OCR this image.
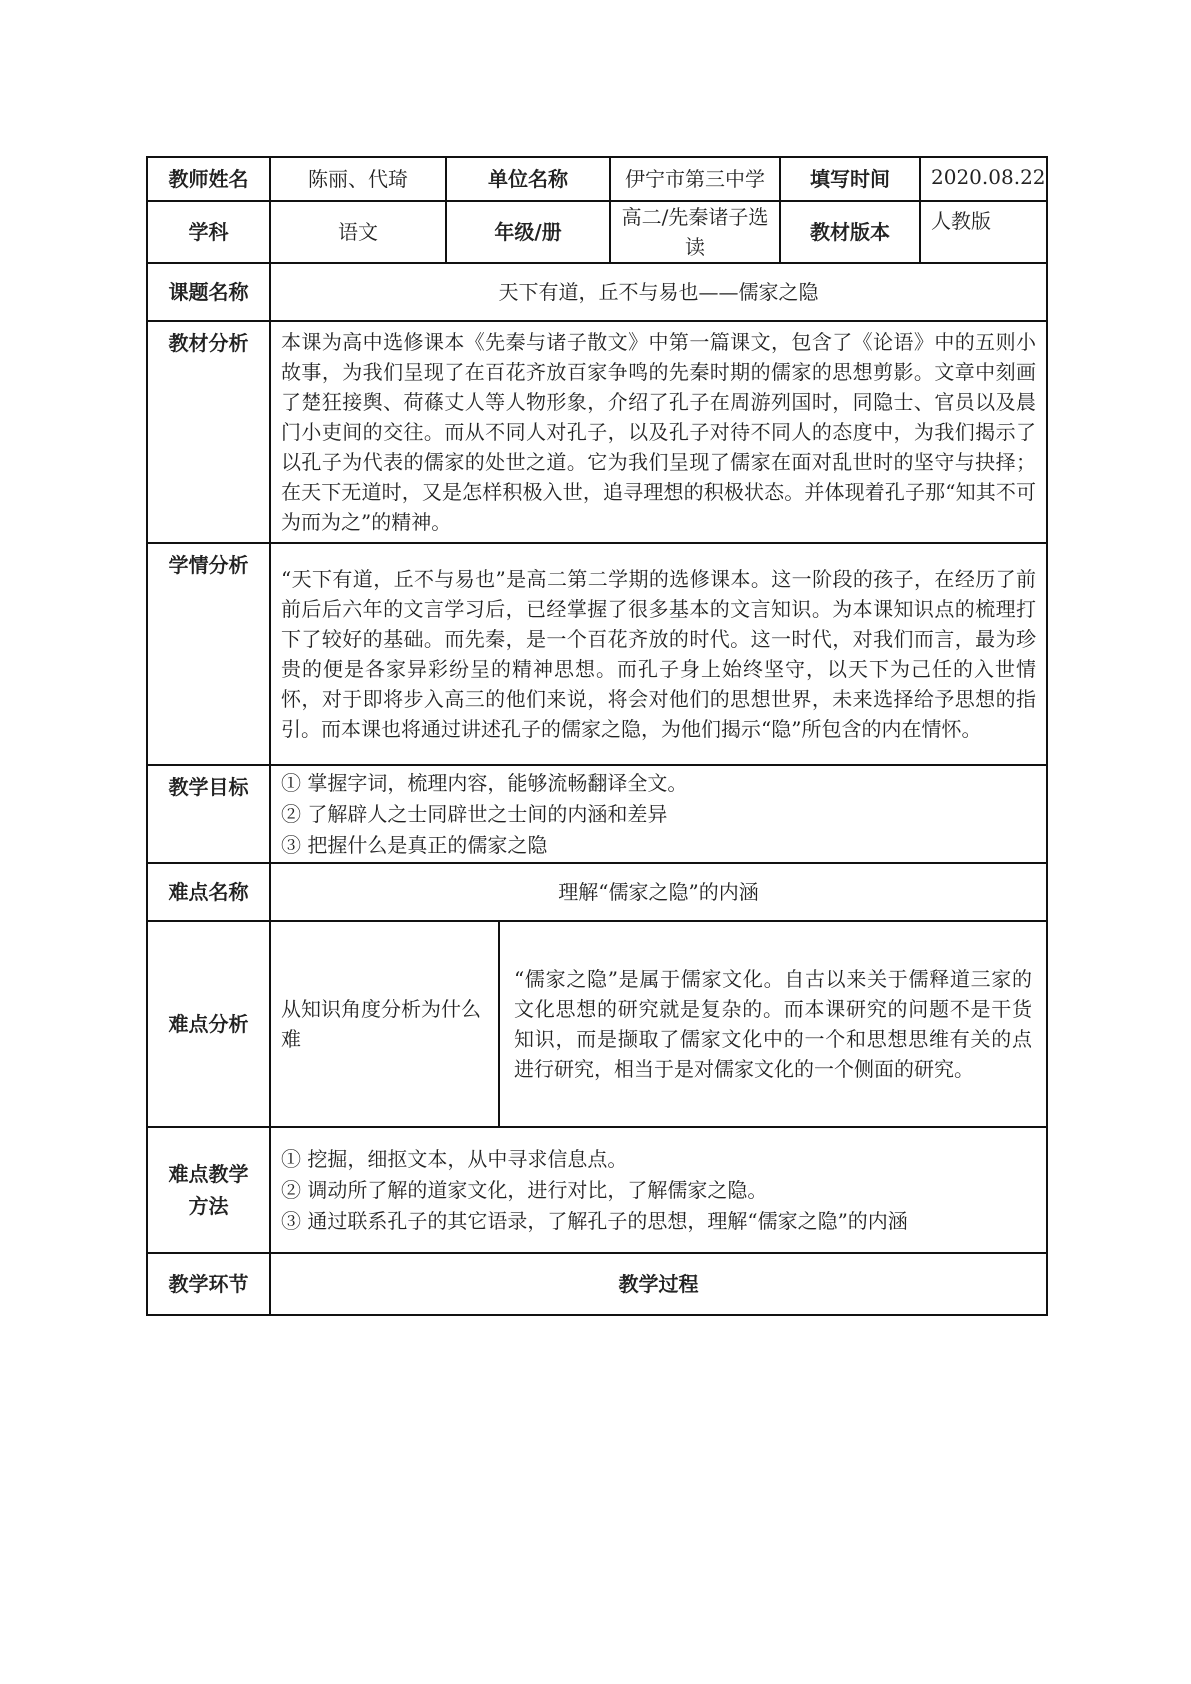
教师姓名	陈丽、代琦	单位名称		伊宁市第三中学	填写时间	2020.08.22
学科	语文	年级/册		高二/先秦诸子选读	教材版本	人教版
课题名称	天下有道，丘不与易也——儒家之隐					
教材分析	本课为高中选修课本《先秦与诸子散文》中第一篇课文，包含了《论语》中的五则小故事，为我们呈现了在百花齐放百家争鸣的先秦时期的儒家的思想剪影。文章中刻画了楚狂接舆、荷蓧丈人等人物形象，介绍了孔子在周游列国时，同隐士、官员以及晨门小吏间的交往。而从不同人对孔子，以及孔子对待不同人的态度中，为我们揭示了以孔子为代表的儒家的处世之道。它为我们呈现了儒家在面对乱世时的坚守与抉择；在天下无道时，又是怎样积极入世，追寻理想的积极状态。并体现着孔子那“知其不可为而为之”的精神。					
学情分析	“天下有道，丘不与易也”是高二第二学期的选修课本。这一阶段的孩子，在经历了前前后后六年的文言学习后，已经掌握了很多基本的文言知识。为本课知识点的梳理打下了较好的基础。而先秦，是一个百花齐放的时代。这一时代，对我们而言，最为珍贵的便是各家异彩纷呈的精神思想。而孔子身上始终坚守，以天下为己任的入世情怀，对于即将步入高三的他们来说，将会对他们的思想世界，未来选择给予思想的指引。而本课也将通过讲述孔子的儒家之隐，为他们揭示“隐”所包含的内在情怀。					
教学目标	① 掌握字词，梳理内容，能够流畅翻译全文。
② 了解辟人之士同辟世之士间的内涵和差异
③ 把握什么是真正的儒家之隐					

难点名称	理解“儒家之隐”的内涵					
难点分析	从知识角度分析为什么难		“儒家之隐”是属于儒家文化。自古以来关于儒释道三家的文化思想的研究就是复杂的。而本课研究的问题不是干货知识，而是撷取了儒家文化中的一个和思想思维有关的点进行研究，相当于是对儒家文化的一个侧面的研究。			
难点教学方法	① 挖掘，细抠文本，从中寻求信息点。
② 调动所了解的道家文化，进行对比，了解儒家之隐。
③ 通过联系孔子的其它语录，了解孔子的思想，理解“儒家之隐”的内涵					

教学环节	教学过程					
